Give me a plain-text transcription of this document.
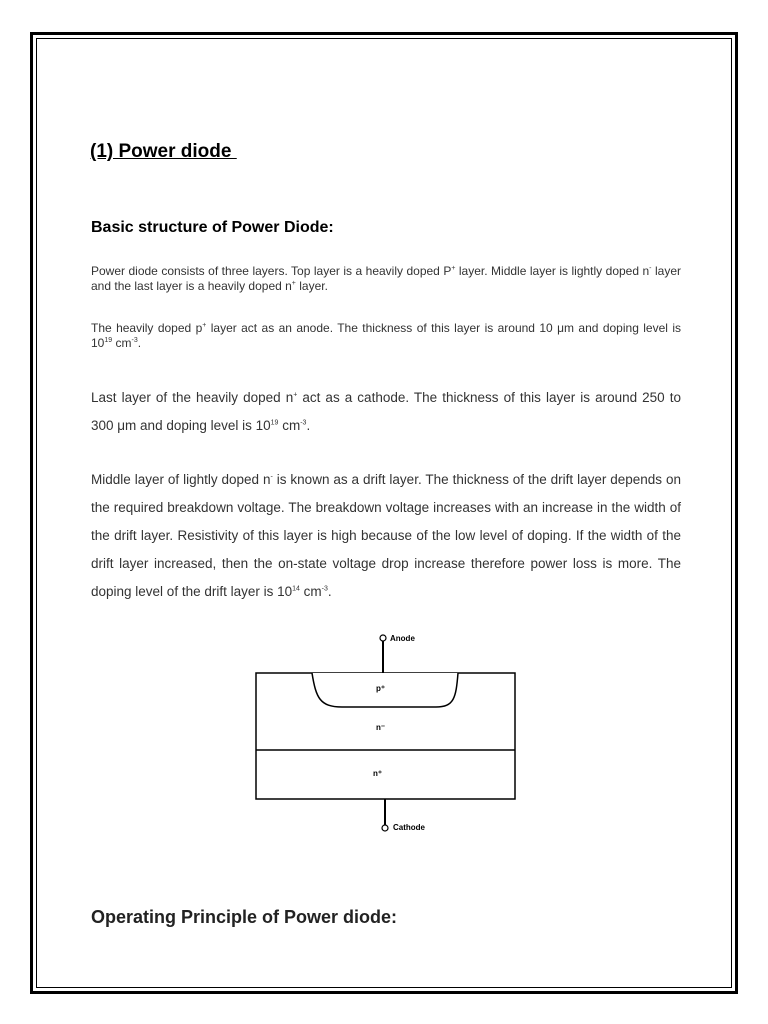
(1) Power diode
Basic structure of Power Diode:

Power diode consists of three layers. Top layer is a heavily doped P+ layer. Middle layer is lightly doped n- layer and the last layer is a heavily doped n+ layer.

The heavily doped p+ layer act as an anode. The thickness of this layer is around 10 μm and doping level is $10^{19}$ $cm^{-3}$.

Last layer of the heavily doped n+ act as a cathode. The thickness of this layer is around 250 to 300 μm and doping level is $10^{19}$ $cm^{-3}$.

Middle layer of lightly doped n- is known as a drift layer. The thickness of the drift layer depends on the required breakdown voltage. The breakdown voltage increases with an increase in the width of the drift layer. Resistivity of this layer is high because of the low level of doping. If the width of the drift layer increased, then the on-state voltage drop increase therefore power loss is more. The doping level of the drift layer is $10^{14}$ $cm^{-3}$.

Anode
p⁺
n⁻
n⁺
Cathode
Operating Principle of Power diode:
